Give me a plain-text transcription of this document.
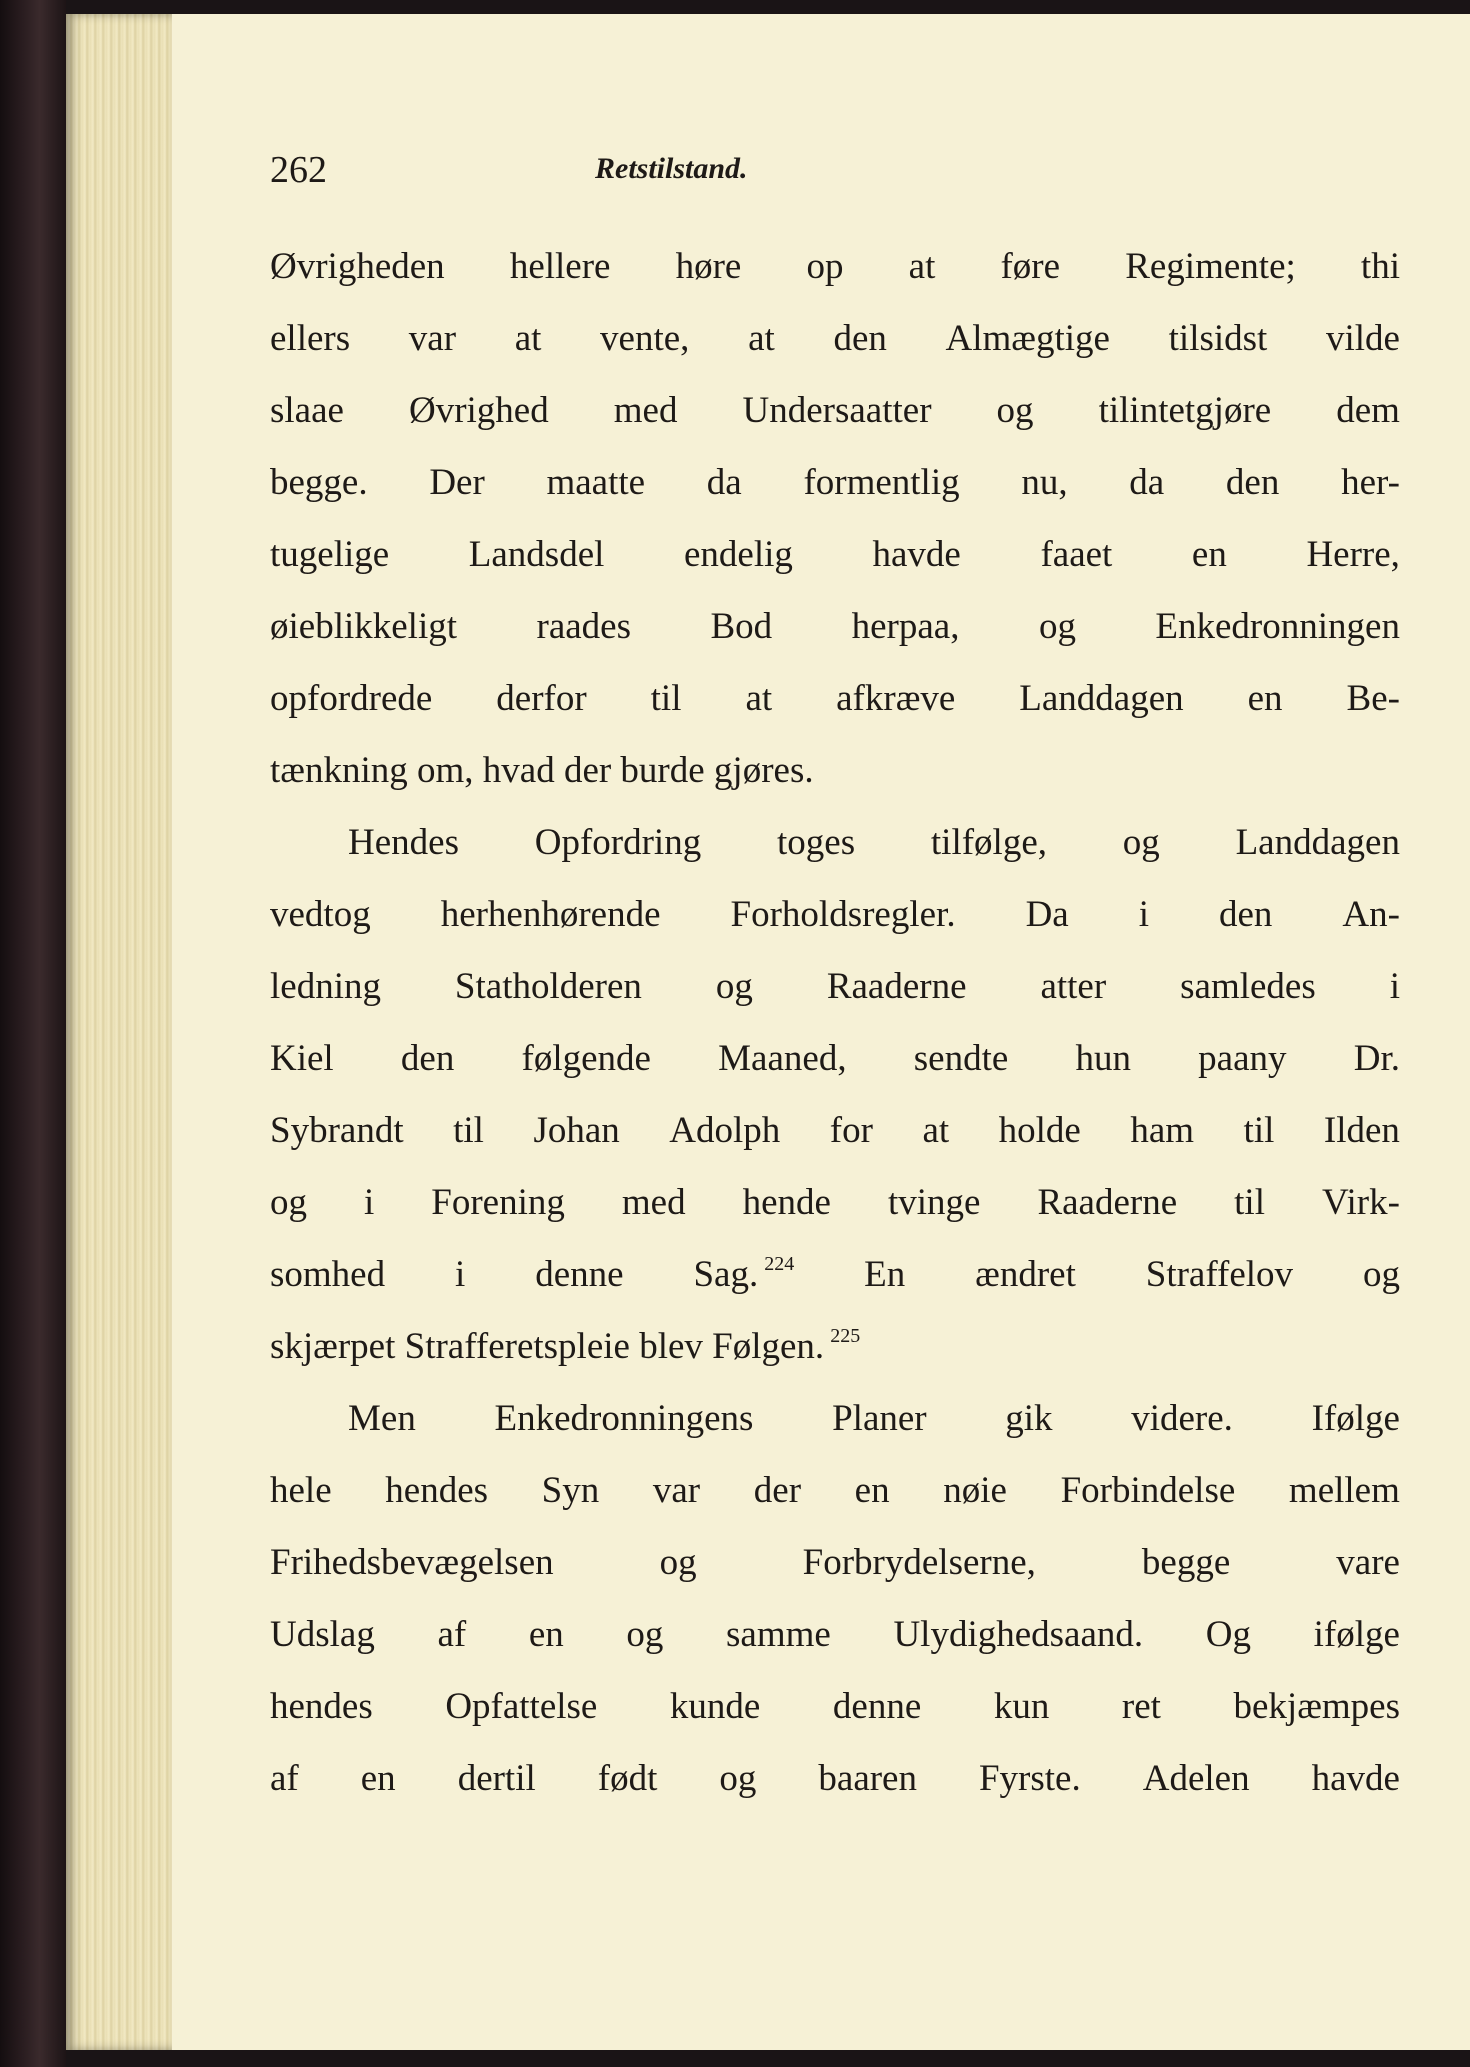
262	Retstilstand.
Øvrigheden hellere høre op at føre Regimente; thi
ellers var at vente, at den Almægtige tilsidst vilde
slaae Øvrighed med Undersaatter og tilintetgjøre dem
begge. Der maatte da formentlig nu, da den her-
tugelige Landsdel endelig havde faaet en Herre,
øieblikkeligt raades Bod herpaa, og Enkedronningen
opfordrede derfor til at afkræve Landdagen en Be-
tænkning om, hvad der burde gjøres.
Hendes Opfordring toges tilfølge, og Landdagen
vedtog herhenhørende Forholdsregler. Da i den An-
ledning Statholderen og Raaderne atter samledes i
Kiel den følgende Maaned, sendte hun paany Dr.
Sybrandt til Johan Adolph for at holde ham til Ilden
og i Forening med hende tvinge Raaderne til Virk-
somhed i denne Sag. $^{224}$ En ændret Straffelov og
skjærpet Strafferetspleie blev Følgen. $^{225}$
Men Enkedronningens Planer gik videre. Ifølge
hele hendes Syn var der en nøie Forbindelse mellem
Frihedsbevægelsen	og	Forbrydelserne,	begge	vare
Udslag af en og samme Ulydighedsaand. Og ifølge
hendes Opfattelse kunde denne kun ret bekjæmpes
af en dertil født og baaren Fyrste. Adelen havde
